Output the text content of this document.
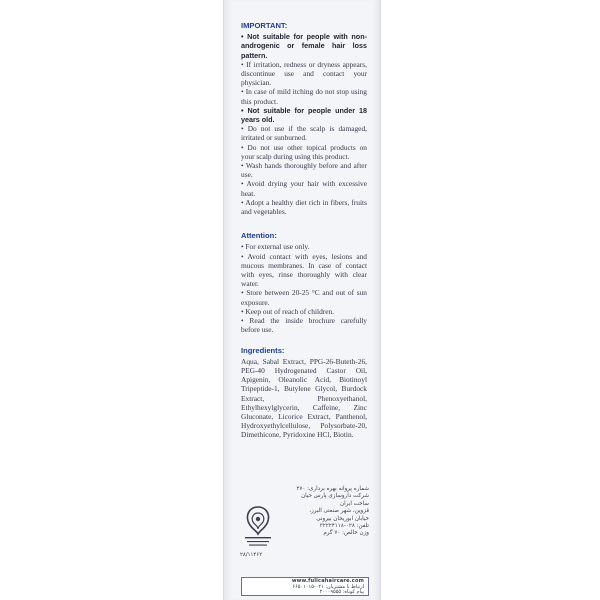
IMPORTANT:

• Not suitable for people with non-androgenic or female hair loss pattern.

• If irritation, redness or dryness appears, discontinue use and contact your physician.

• In case of mild itching do not stop using this product.

• Not suitable for people under 18 years old.

• Do not use if the scalp is damaged, irritated or sunburned.

• Do not use other topical products on your scalp during using this product.

• Wash hands thoroughly before and after use.

• Avoid drying your hair with excessive heat.

• Adopt a healthy diet rich in fibers, fruits and vegetables.

Attention:

• For external use only.

• Avoid contact with eyes, lesions and mucous membranes. In case of contact with eyes, rinse thoroughly with clear water.

• Store between 20-25 °C and out of sun exposure.

• Keep out of reach of children.

• Read the inside brochure carefully before use.

Ingredients:

Aqua, Sabal Extract, PPG-26-Buteth-26, PEG-40 Hydrogenated Castor Oil, Apigenin, Oleanolic Acid, Biotinoyl Tripeptide-1, Butylene Glycol, Burdock Extract, Phenoxyethanol, Ethylhexylglycerin, Caffeine, Zinc Gluconate, Licorice Extract, Panthenol, Hydroxyethylcellulose, Polysorbate-20, Dimethicone, Pyridoxine HCl, Biotin.

۲۸/۱۱۴۶۲
شماره پروانه بهره برداری: ۲۷۰
شرکت داروسازی پارس حیان
ساخت ایران
قزوین، شهر صنعتی البرز،
خیابان ابوریحان بیرونی
تلفن: ۰۲۸-۳۲۲۲۴۱۱۸
وزن خالص: ۷۰ گرم
www.fulicahaircare.com
ارتباط با مشتریان: ۰۲۱-۶۶۵۰۱۰۱۵
پیام کوتاه: ۲۰۰۰۹۵۵۵
